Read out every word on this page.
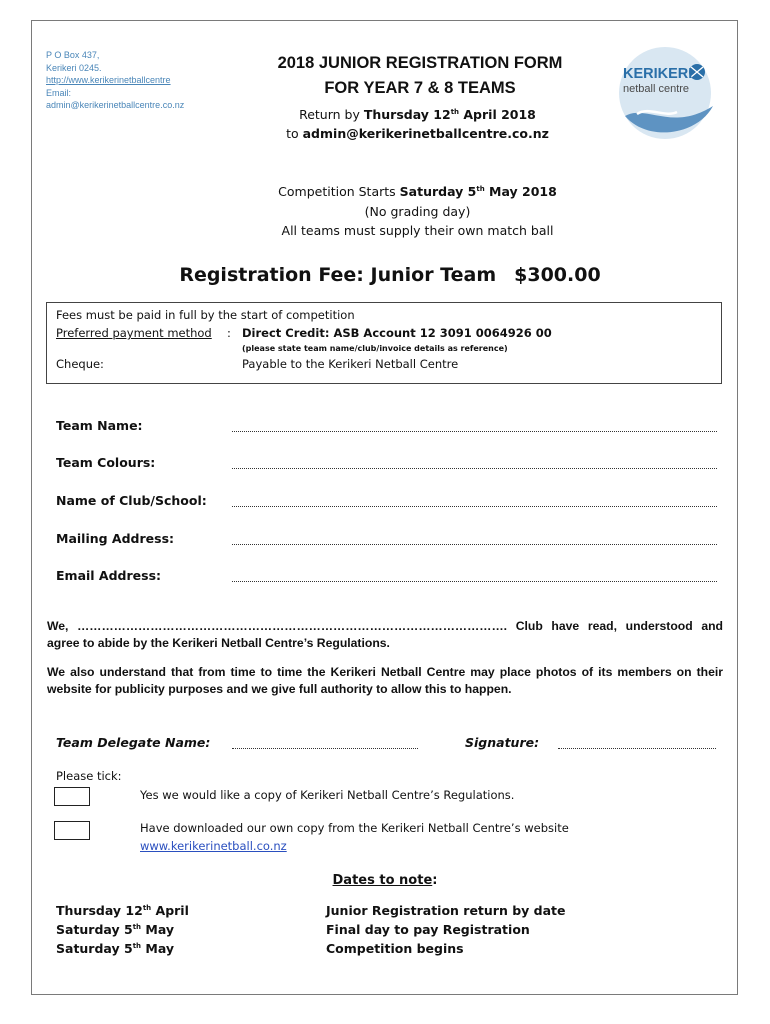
P O Box 437,
Kerikeri 0245.
http://www.kerikerinetballcentre
Email:
admin@kerikerinetballcentre.co.nz
2018 JUNIOR REGISTRATION FORM
FOR YEAR 7 & 8 TEAMS
Return by Thursday 12th April 2018
to admin@kerikerinetballcentre.co.nz
KERIKERI
netball centre
Competition Starts Saturday 5th May 2018
(No grading day)
All teams must supply their own match ball
Registration Fee: Junior Team $300.00
Fees must be paid in full by the start of competition
Preferred payment method : Direct Credit: ASB Account 12 3091 0064926 00
(please state team name/club/invoice details as reference)
Cheque:	Payable to the Kerikeri Netball Centre
Team Name:
Team Colours:
Name of Club/School:
Mailing Address:
Email Address:
We, ……………………………………………………………………………………………. Club have read, understood and agree to abide by the Kerikeri Netball Centre’s Regulations.
We also understand that from time to time the Kerikeri Netball Centre may place photos of its members on their website for publicity purposes and we give full authority to allow this to happen.
Team Delegate Name:	Signature:
Please tick:
Yes we would like a copy of Kerikeri Netball Centre’s Regulations.
Have downloaded our own copy from the Kerikeri Netball Centre’s website
www.kerikerinetball.co.nz
Dates to note:
Thursday 12th April	Junior Registration return by date
Saturday 5th May	Final day to pay Registration
Saturday 5th May	Competition begins
